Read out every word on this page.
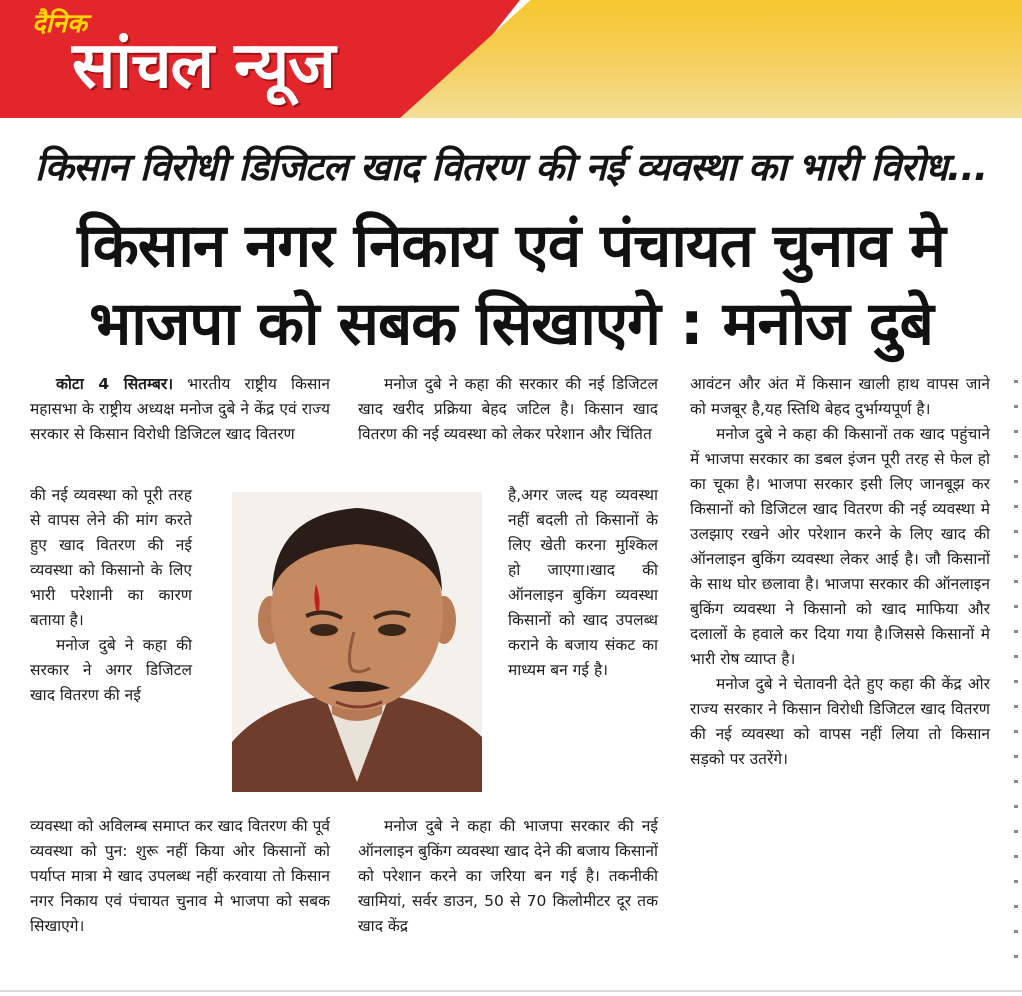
दैनिक
सांचल न्यूज
किसान विरोधी डिजिटल खाद वितरण की नई व्यवस्था का भारी विरोध...
किसान नगर निकाय एवं पंचायत चुनाव मे
भाजपा को सबक सिखाएगे : मनोज दुबे

कोटा 4 सितम्बर। भारतीय राष्ट्रीय किसान महासभा के राष्ट्रीय अध्यक्ष मनोज दुबे ने केंद्र एवं राज्य सरकार से किसान विरोधी डिजिटल खाद वितरण

की नई व्यवस्था को पूरी तरह से वापस लेने की मांग करते हुए खाद वितरण की नई व्यवस्था को किसानो के लिए भारी परेशानी का कारण बताया है।

मनोज दुबे ने कहा की सरकार ने अगर डिजिटल खाद वितरण की नई

व्यवस्था को अविलम्ब समाप्त कर खाद वितरण की पूर्व व्यवस्था को पुन: शुरू नहीं किया ओर किसानों को पर्याप्त मात्रा मे खाद उपलब्ध नहीं करवाया तो किसान नगर निकाय एवं पंचायत चुनाव मे भाजपा को सबक सिखाएगे।

मनोज दुबे ने कहा की सरकार की नई डिजिटल खाद खरीद प्रक्रिया बेहद जटिल है। किसान खाद वितरण की नई व्यवस्था को लेकर परेशान और चिंतित

है,अगर जल्द यह व्यवस्था नहीं बदली तो किसानों के लिए खेती करना मुश्किल हो जाएगा।खाद की ऑनलाइन बुकिंग व्यवस्था किसानों को खाद उपलब्ध कराने के बजाय संकट का माध्यम बन गई है।

मनोज दुबे ने कहा की भाजपा सरकार की नई ऑनलाइन बुकिंग व्यवस्था खाद देने की बजाय किसानों को परेशान करने का जरिया बन गई है। तकनीकी खामियां, सर्वर डाउन, 50 से 70 किलोमीटर दूर तक खाद केंद्र

आवंटन और अंत में किसान खाली हाथ वापस जाने को मजबूर है,यह स्तिथि बेहद दुर्भाग्यपूर्ण है।

मनोज दुबे ने कहा की किसानों तक खाद पहुंचाने में भाजपा सरकार का डबल इंजन पूरी तरह से फेल हो का चूका है। भाजपा सरकार इसी लिए जानबूझ कर किसानों को डिजिटल खाद वितरण की नई व्यवस्था मे उलझाए रखने ओर परेशान करने के लिए खाद की ऑनलाइन बुकिंग व्यवस्था लेकर आई है। जौ किसानों के साथ घोर छलावा है। भाजपा सरकार की ऑनलाइन बुकिंग व्यवस्था ने किसानो को खाद माफिया और दलालों के हवाले कर दिया गया है।जिससे किसानों मे भारी रोष व्याप्त है।

मनोज दुबे ने चेतावनी देते हुए कहा की केंद्र ओर राज्य सरकार ने किसान विरोधी डिजिटल खाद वितरण की नई व्यवस्था को वापस नहीं लिया तो किसान सड़को पर उतरेंगे।
